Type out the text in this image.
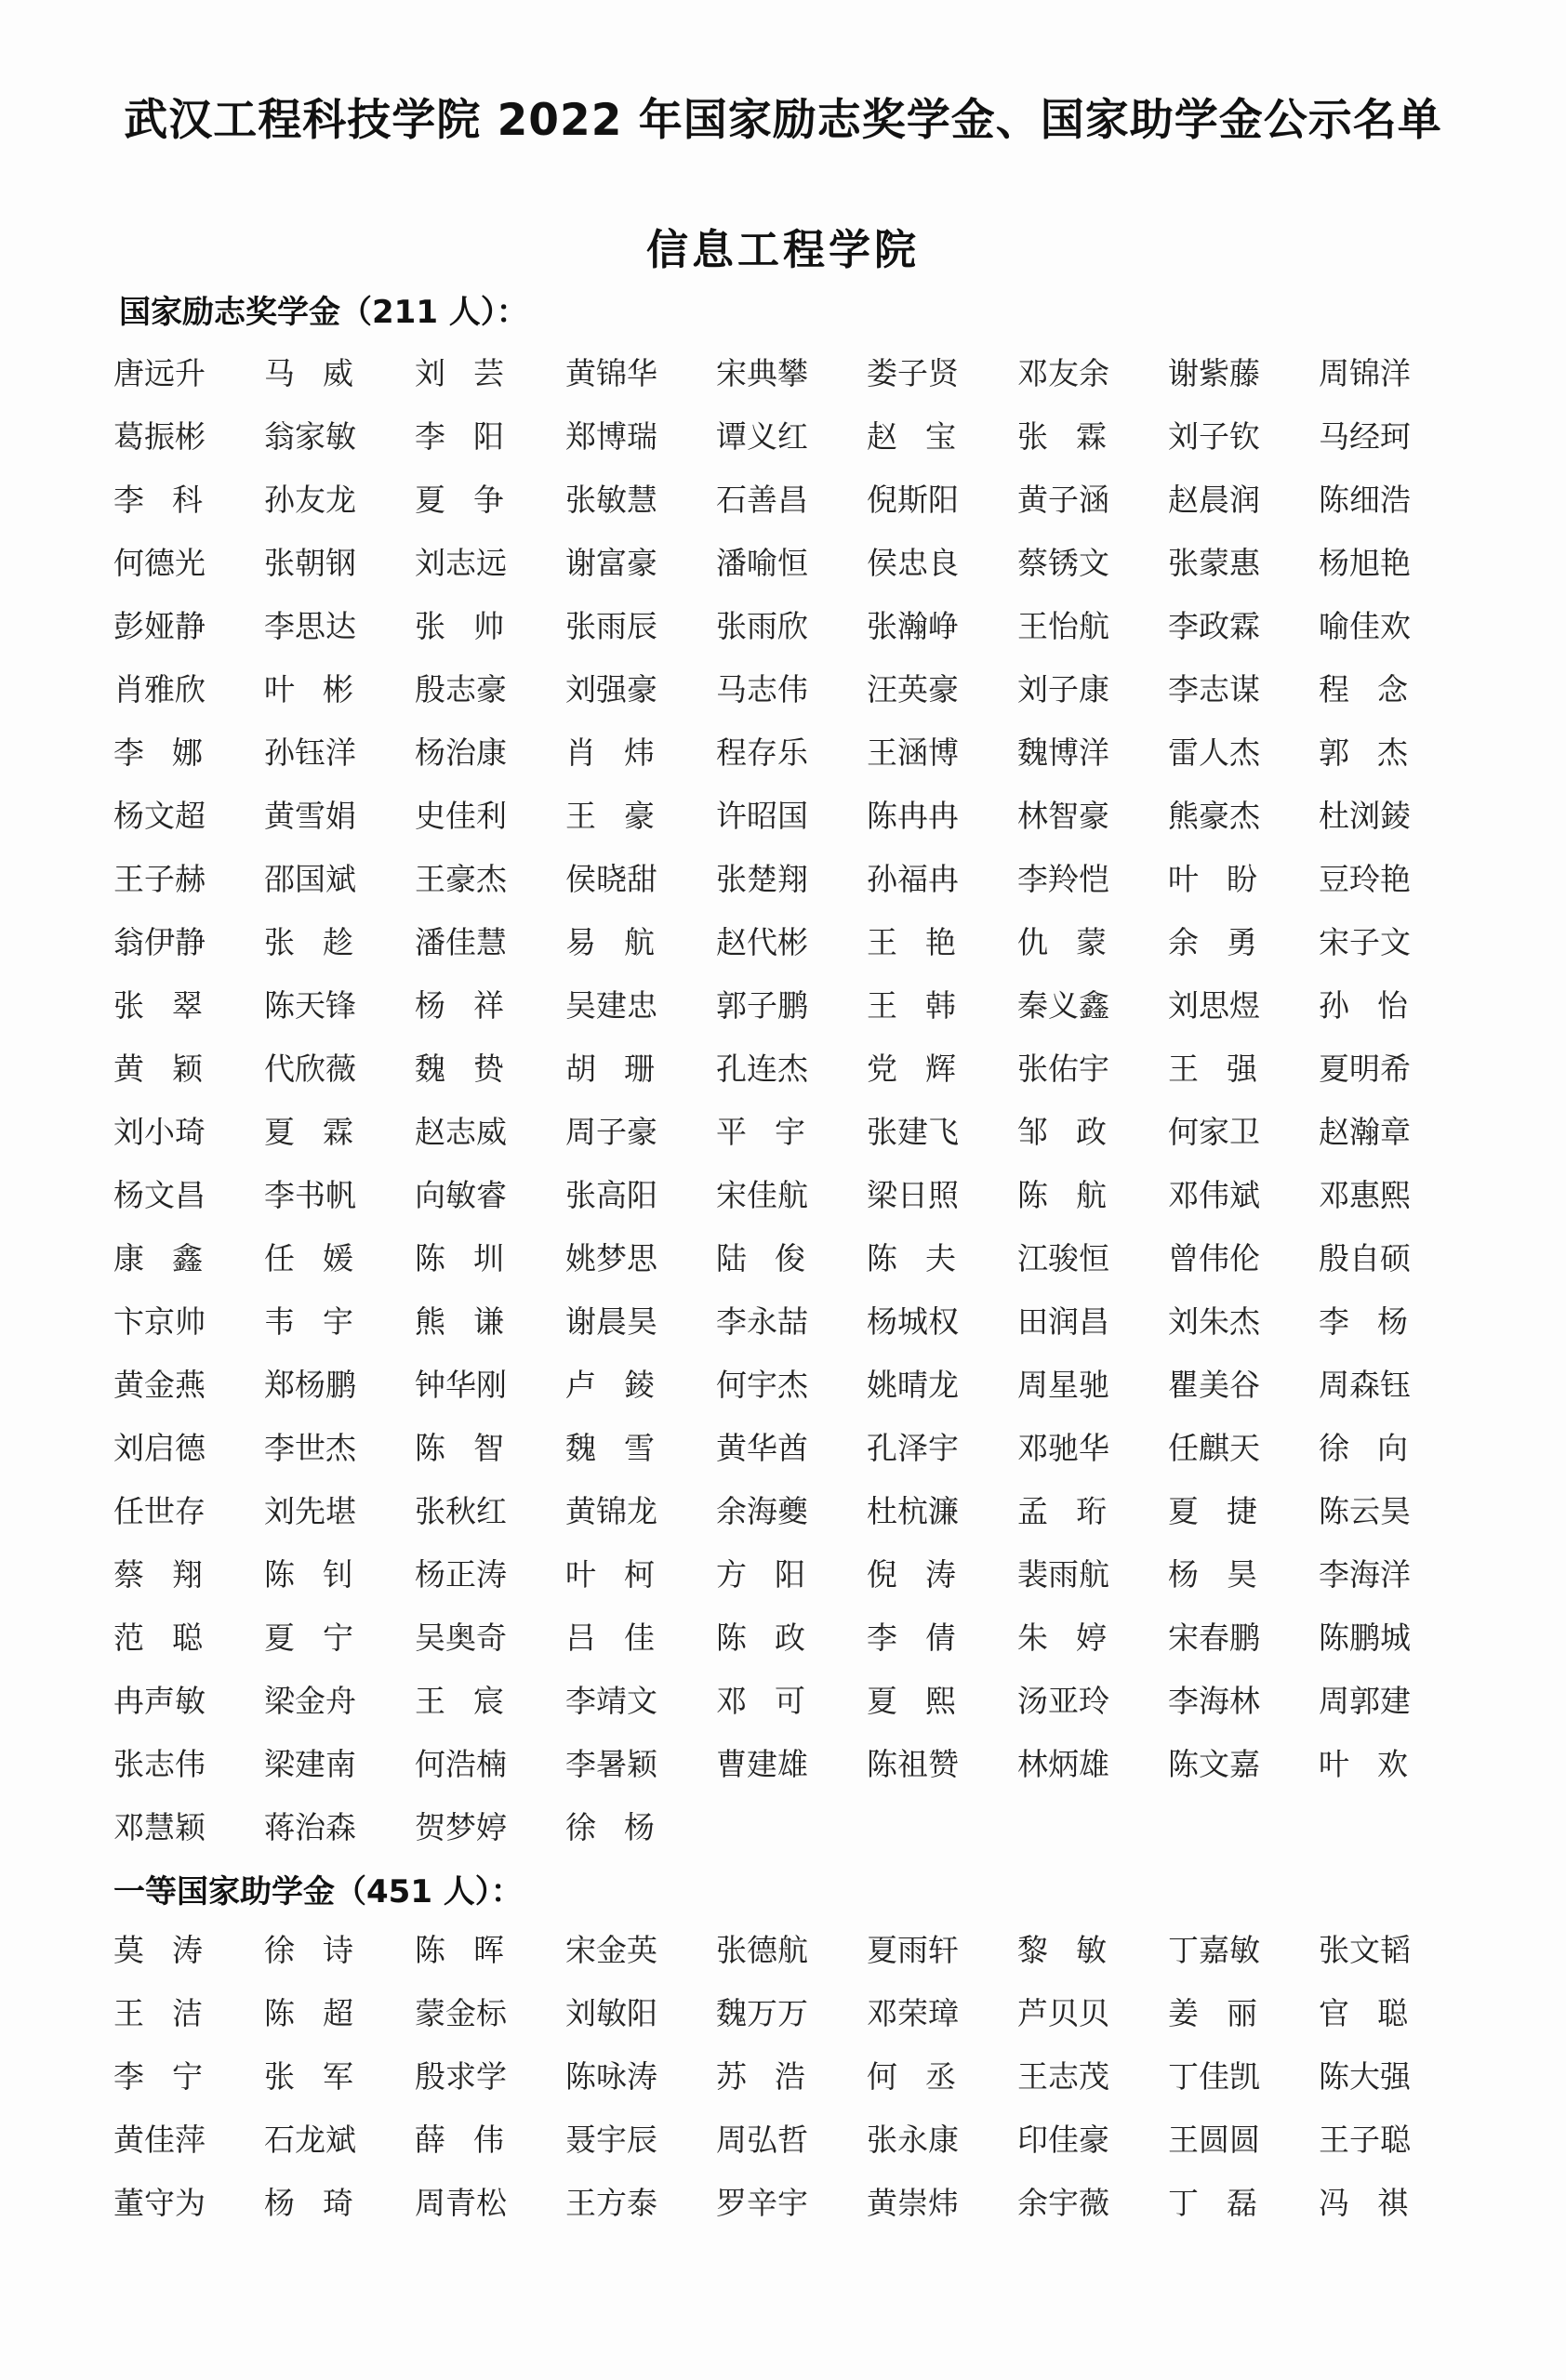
武汉工程科技学院 2022 年国家励志奖学金、国家助学金公示名单
信息工程学院
国家励志奖学金（211 人）：
唐远升 马 威 刘 芸 黄锦华 宋典攀 娄子贤 邓友余 谢紫藤 周锦洋
葛振彬 翁家敏 李 阳 郑博瑞 谭义红 赵 宝 张 霖 刘子钦 马经珂
李 科 孙友龙 夏 争 张敏慧 石善昌 倪斯阳 黄子涵 赵晨润 陈细浩
何德光 张朝钢 刘志远 谢富豪 潘喻恒 侯忠良 蔡锈文 张蒙惠 杨旭艳
彭娅静 李思达 张 帅 张雨辰 张雨欣 张瀚峥 王怡航 李政霖 喻佳欢
肖雅欣 叶 彬 殷志豪 刘强豪 马志伟 汪英豪 刘子康 李志谋 程 念
李 娜 孙钰洋 杨治康 肖 炜 程存乐 王涵博 魏博洋 雷人杰 郭 杰
杨文超 黄雪娟 史佳利 王 豪 许昭国 陈冉冉 林智豪 熊豪杰 杜浏錂
王子赫 邵国斌 王豪杰 侯晓甜 张楚翔 孙福冉 李羚恺 叶 盼 豆玲艳
翁伊静 张 趁 潘佳慧 易 航 赵代彬 王 艳 仇 蒙 余 勇 宋子文
张 翠 陈天锋 杨 祥 吴建忠 郭子鹏 王 韩 秦义鑫 刘思煜 孙 怡
黄 颖 代欣薇 魏 贽 胡 珊 孔连杰 党 辉 张佑宇 王 强 夏明希
刘小琦 夏 霖 赵志威 周子豪 平 宇 张建飞 邹 政 何家卫 赵瀚章
杨文昌 李书帆 向敏睿 张高阳 宋佳航 梁日照 陈 航 邓伟斌 邓惠熙
康 鑫 任 媛 陈 圳 姚梦思 陆 俊 陈 夫 江骏恒 曾伟伦 殷自硕
卞京帅 韦 宇 熊 谦 谢晨昊 李永喆 杨城权 田润昌 刘朱杰 李 杨
黄金燕 郑杨鹏 钟华刚 卢 錂 何宇杰 姚晴龙 周星驰 瞿美谷 周森钰
刘启德 李世杰 陈 智 魏 雪 黄华酋 孔泽宇 邓驰华 任麒天 徐 向
任世存 刘先堪 张秋红 黄锦龙 余海夔 杜杭濂 孟 珩 夏 捷 陈云昊
蔡 翔 陈 钊 杨正涛 叶 柯 方 阳 倪 涛 裴雨航 杨 昊 李海洋
范 聪 夏 宁 吴奥奇 吕 佳 陈 政 李 倩 朱 婷 宋春鹏 陈鹏城
冉声敏 梁金舟 王 宸 李靖文 邓 可 夏 熙 汤亚玲 李海林 周郭建
张志伟 梁建南 何浩楠 李暑颖 曹建雄 陈祖赞 林炳雄 陈文嘉 叶 欢
邓慧颖 蒋治森 贺梦婷 徐 杨
一等国家助学金（451 人）：
莫 涛 徐 诗 陈 晖 宋金英 张德航 夏雨轩 黎 敏 丁嘉敏 张文韬
王 洁 陈 超 蒙金标 刘敏阳 魏万万 邓荣璋 芦贝贝 姜 丽 官 聪
李 宁 张 军 殷求学 陈咏涛 苏 浩 何 丞 王志茂 丁佳凯 陈大强
黄佳萍 石龙斌 薛 伟 聂宇辰 周弘哲 张永康 印佳豪 王圆圆 王子聪
董守为 杨 琦 周青松 王方泰 罗辛宇 黄崇炜 余宇薇 丁 磊 冯 祺
